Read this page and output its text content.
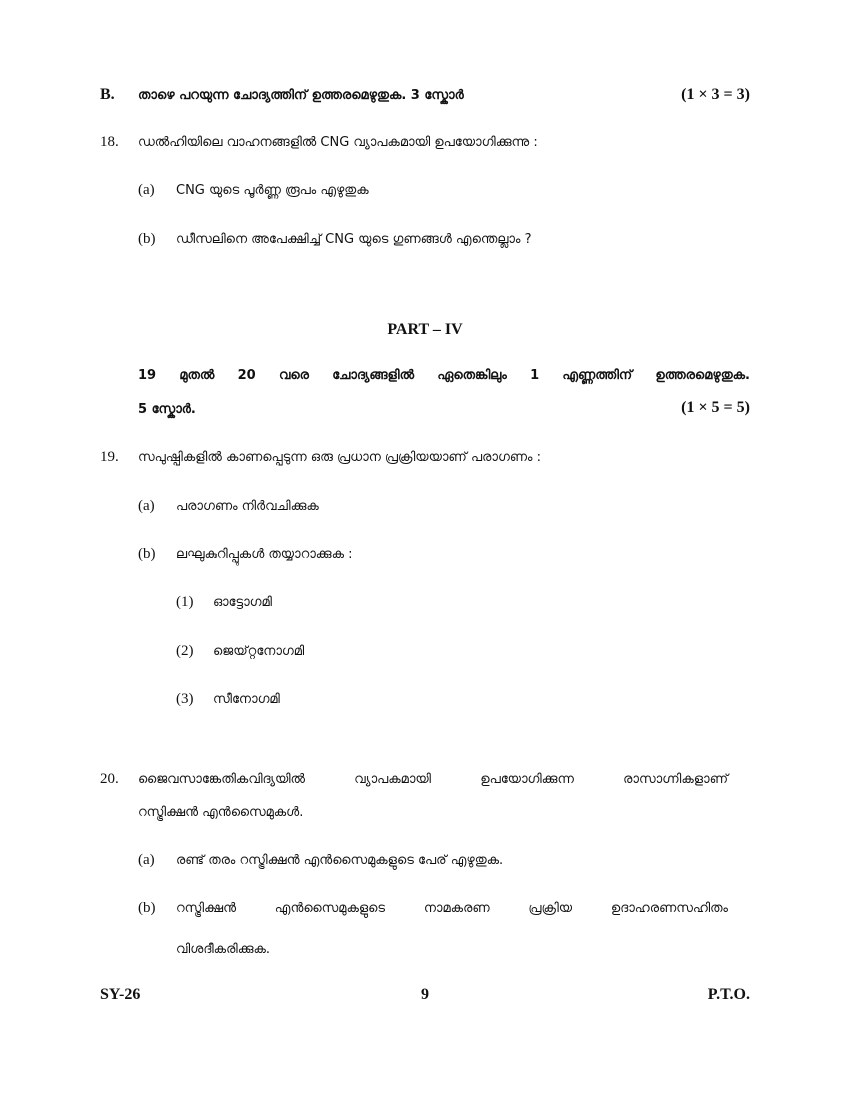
B. താഴെ പറയുന്ന ചോദ്യത്തിന് ഉത്തരമെഴുതുക. 3 സ്കോർ	(1 × 3 = 3)
18. ഡൽഹിയിലെ വാഹനങ്ങളിൽ CNG വ്യാപകമായി ഉപയോഗിക്കുന്നു :
(a) CNG യുടെ പൂർണ്ണ രൂപം എഴുതുക
(b) ഡീസലിനെ അപേക്ഷിച്ച് CNG യുടെ ഗുണങ്ങൾ എന്തെല്ലാം ?
PART – IV
19 മുതൽ 20 വരെ ചോദ്യങ്ങളിൽ ഏതെങ്കിലും 1 എണ്ണത്തിന് ഉത്തരമെഴുതുക.
5 സ്കോർ.	(1 × 5 = 5)
19. സപുഷ്പികളിൽ കാണപ്പെടുന്ന ഒരു പ്രധാന പ്രക്രിയയാണ് പരാഗണം :
(a) പരാഗണം നിർവചിക്കുക
(b) ലഘുകുറിപ്പുകൾ തയ്യാറാക്കുക :
(1) ഓട്ടോഗമി
(2) ജെയ്റ്റനോഗമി
(3) സീനോഗമി
20. ജൈവസാങ്കേതികവിദ്യയിൽ വ്യാപകമായി ഉപയോഗിക്കുന്ന രാസാഗ്നികളാണ്
റസ്ട്രിക്ഷൻ എൻസൈമുകൾ.
(a) രണ്ട് തരം റസ്ട്രിക്ഷൻ എൻസൈമുകളുടെ പേര് എഴുതുക.
(b) റസ്ട്രിക്ഷൻ എൻസൈമുകളുടെ നാമകരണ പ്രക്രിയ ഉദാഹരണസഹിതം
വിശദീകരിക്കുക.
SY-26	9	P.T.O.
